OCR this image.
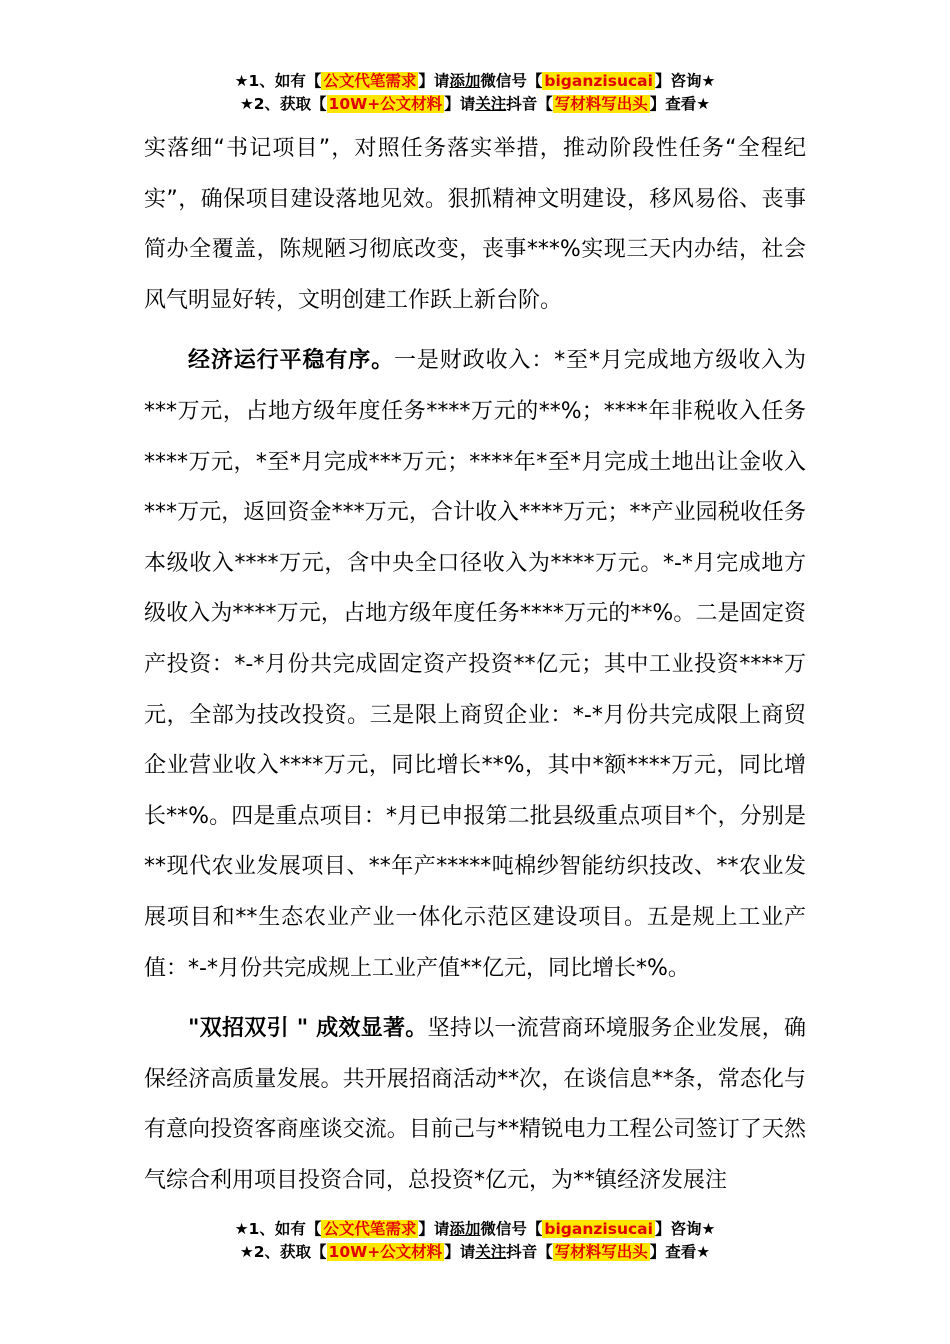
★1、如有【 公文代笔需求 】请添加微信号【 biganzisucai 】咨询★
★2、获取【 10W+公文材料 】请关注抖音【 写材料写出头 】查看★

实落细“书记项目”，对照任务落实举措，推动阶段性任务“全程纪实”，确保项目建设落地见效。狠抓精神文明建设，移风易俗、丧事简办全覆盖，陈规陋习彻底改变，丧事***%实现三天内办结，社会风气明显好转，文明创建工作跃上新台阶。

经济运行平稳有序。一是财政收入：*至*月完成地方级收入为***万元，占地方级年度任务****万元的**%；****年非税收入任务****万元，*至*月完成***万元；****年*至*月完成土地出让金收入***万元，返回资金***万元，合计收入****万元；**产业园税收任务本级收入****万元，含中央全口径收入为****万元。*-*月完成地方级收入为****万元，占地方级年度任务****万元的**%。二是固定资产投资：*-*月份共完成固定资产投资**亿元；其中工业投资****万元，全部为技改投资。三是限上商贸企业：*-*月份共完成限上商贸企业营业收入****万元，同比增长**%，其中*额****万元，同比增长**%。四是重点项目：*月已申报第二批县级重点项目*个，分别是**现代农业发展项目、**年产*****吨棉纱智能纺织技改、**农业发展项目和**生态农业产业一体化示范区建设项目。五是规上工业产值：*-*月份共完成规上工业产值**亿元，同比增长*%。

"双招双引 " 成效显著。坚持以一流营商环境服务企业发展，确保经济高质量发展。共开展招商活动**次，在谈信息**条，常态化与有意向投资客商座谈交流。目前己与**精锐电力工程公司签订了天然气综合利用项目投资合同，总投资*亿元，为**镇经济发展注

★1、如有【 公文代笔需求 】请添加微信号【 biganzisucai 】咨询★
★2、获取【 10W+公文材料 】请关注抖音【 写材料写出头 】查看★
